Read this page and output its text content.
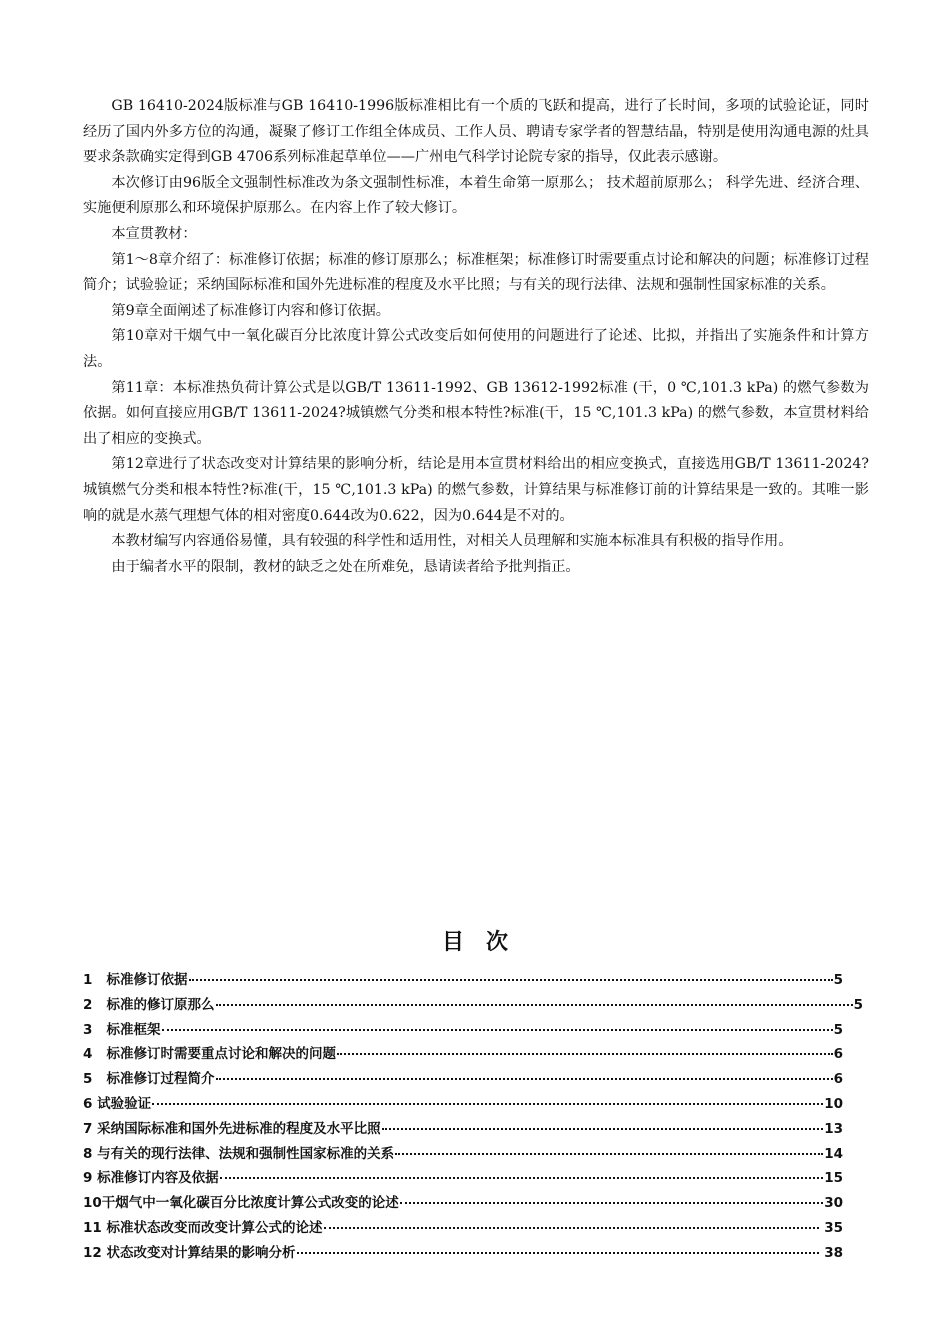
GB 16410-2024版标准与GB 16410-1996版标准相比有一个质的飞跃和提高，进行了长时间，多项的试验论证，同时经历了国内外多方位的沟通，凝聚了修订工作组全体成员、工作人员、聘请专家学者的智慧结晶，特别是使用沟通电源的灶具要求条款确实定得到GB 4706系列标准起草单位——广州电气科学讨论院专家的指导，仅此表示感谢。

本次修订由96版全文强制性标准改为条文强制性标准，本着生命第一原那么； 技术超前原那么； 科学先进、经济合理、实施便利原那么和环境保护原那么。在内容上作了较大修订。

本宣贯教材：

第1～8章介绍了：标准修订依据；标准的修订原那么；标准框架；标准修订时需要重点讨论和解决的问题；标准修订过程简介；试验验证；采纳国际标准和国外先进标准的程度及水平比照；与有关的现行法律、法规和强制性国家标准的关系。

第9章全面阐述了标准修订内容和修订依据。

第10章对干烟气中一氧化碳百分比浓度计算公式改变后如何使用的问题进行了论述、比拟，并指出了实施条件和计算方法。

第11章：本标准热负荷计算公式是以GB/T 13611-1992、GB 13612-1992标准 (干，0 ℃,101.3 kPa) 的燃气参数为依据。如何直接应用GB/T 13611-2024?城镇燃气分类和根本特性?标准(干，15 ℃,101.3 kPa) 的燃气参数，本宣贯材料给出了相应的变换式。

第12章进行了状态改变对计算结果的影响分析，结论是用本宣贯材料给出的相应变换式，直接选用GB/T 13611-2024?城镇燃气分类和根本特性?标准(干，15 ℃,101.3 kPa) 的燃气参数，计算结果与标准修订前的计算结果是一致的。其唯一影响的就是水蒸气理想气体的相对密度0.644改为0.622，因为0.644是不对的。

本教材编写内容通俗易懂，具有较强的科学性和适用性，对相关人员理解和实施本标准具有积极的指导作用。

由于编者水平的限制，教材的缺乏之处在所难免，恳请读者给予批判指正。

目次
1 标准修订依据	5
2 标准的修订原那么	5
3 标准框架	5
4 标准修订时需要重点讨论和解决的问题	6
5 标准修订过程简介	6
6 试验验证	10
7 采纳国际标准和国外先进标准的程度及水平比照	13
8 与有关的现行法律、法规和强制性国家标准的关系	14
9 标准修订内容及依据	15
10 干烟气中一氧化碳百分比浓度计算公式改变的论述	30
11 标准状态改变而改变计算公式的论述	35
12 状态改变对计算结果的影响分析	38
